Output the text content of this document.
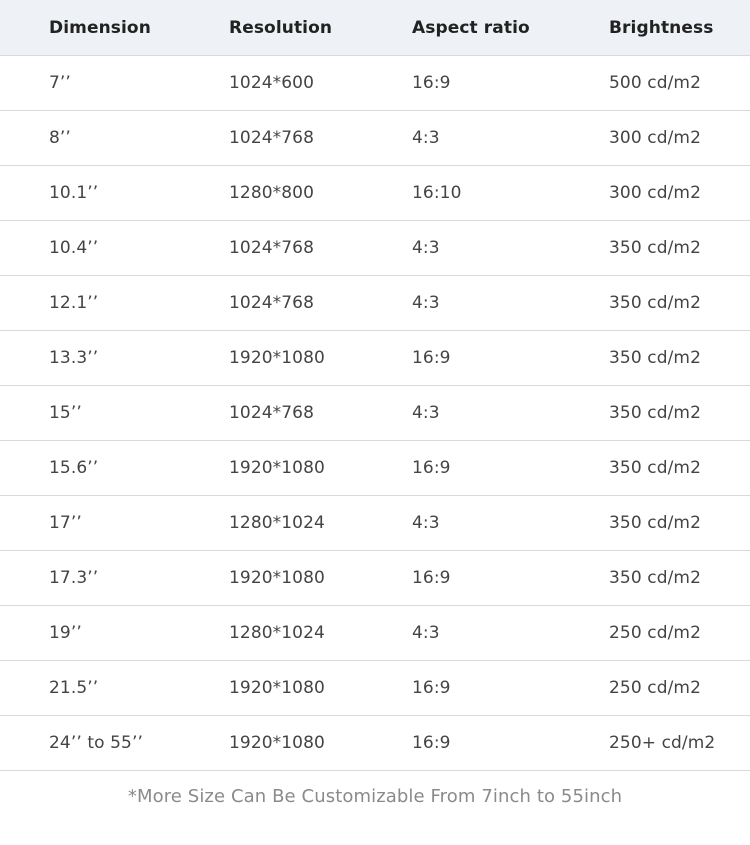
Dimension	Resolution	Aspect ratio	Brightness
7’’	1024*600	16:9	500 cd/m2
8’’	1024*768	4:3	300 cd/m2
10.1’’	1280*800	16:10	300 cd/m2
10.4’’	1024*768	4:3	350 cd/m2
12.1’’	1024*768	4:3	350 cd/m2
13.3’’	1920*1080	16:9	350 cd/m2
15’’	1024*768	4:3	350 cd/m2
15.6’’	1920*1080	16:9	350 cd/m2
17’’	1280*1024	4:3	350 cd/m2
17.3’’	1920*1080	16:9	350 cd/m2
19’’	1280*1024	4:3	250 cd/m2
21.5’’	1920*1080	16:9	250 cd/m2
24’’ to 55’’	1920*1080	16:9	250+ cd/m2
*More Size Can Be Customizable From 7inch to 55inch
